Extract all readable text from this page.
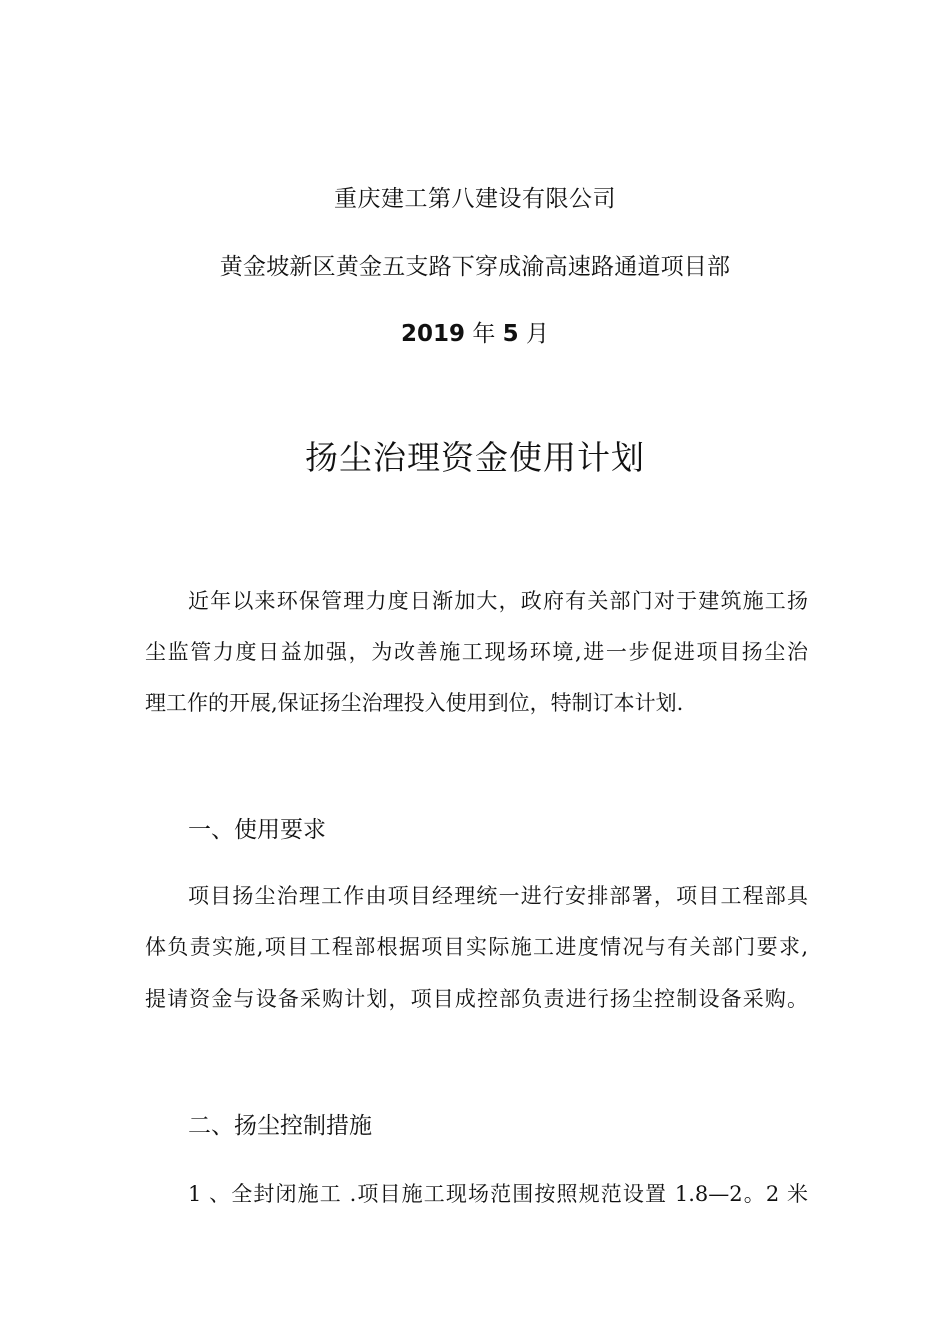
重庆建工第八建设有限公司
黄金坡新区黄金五支路下穿成渝高速路通道项目部
2019 年 5 月
扬尘治理资金使用计划
近年以来环保管理力度日渐加大，政府有关部门对于建筑施工扬
尘监管力度日益加强，为改善施工现场环境,进一步促进项目扬尘治
理工作的开展,保证扬尘治理投入使用到位，特制订本计划.
一、使用要求
项目扬尘治理工作由项目经理统一进行安排部署，项目工程部具
体负责实施,项目工程部根据项目实际施工进度情况与有关部门要求,
提请资金与设备采购计划，项目成控部负责进行扬尘控制设备采购。
二、扬尘控制措施
1 、全封闭施工 .项目施工现场范围按照规范设置 1.8—2。2 米
